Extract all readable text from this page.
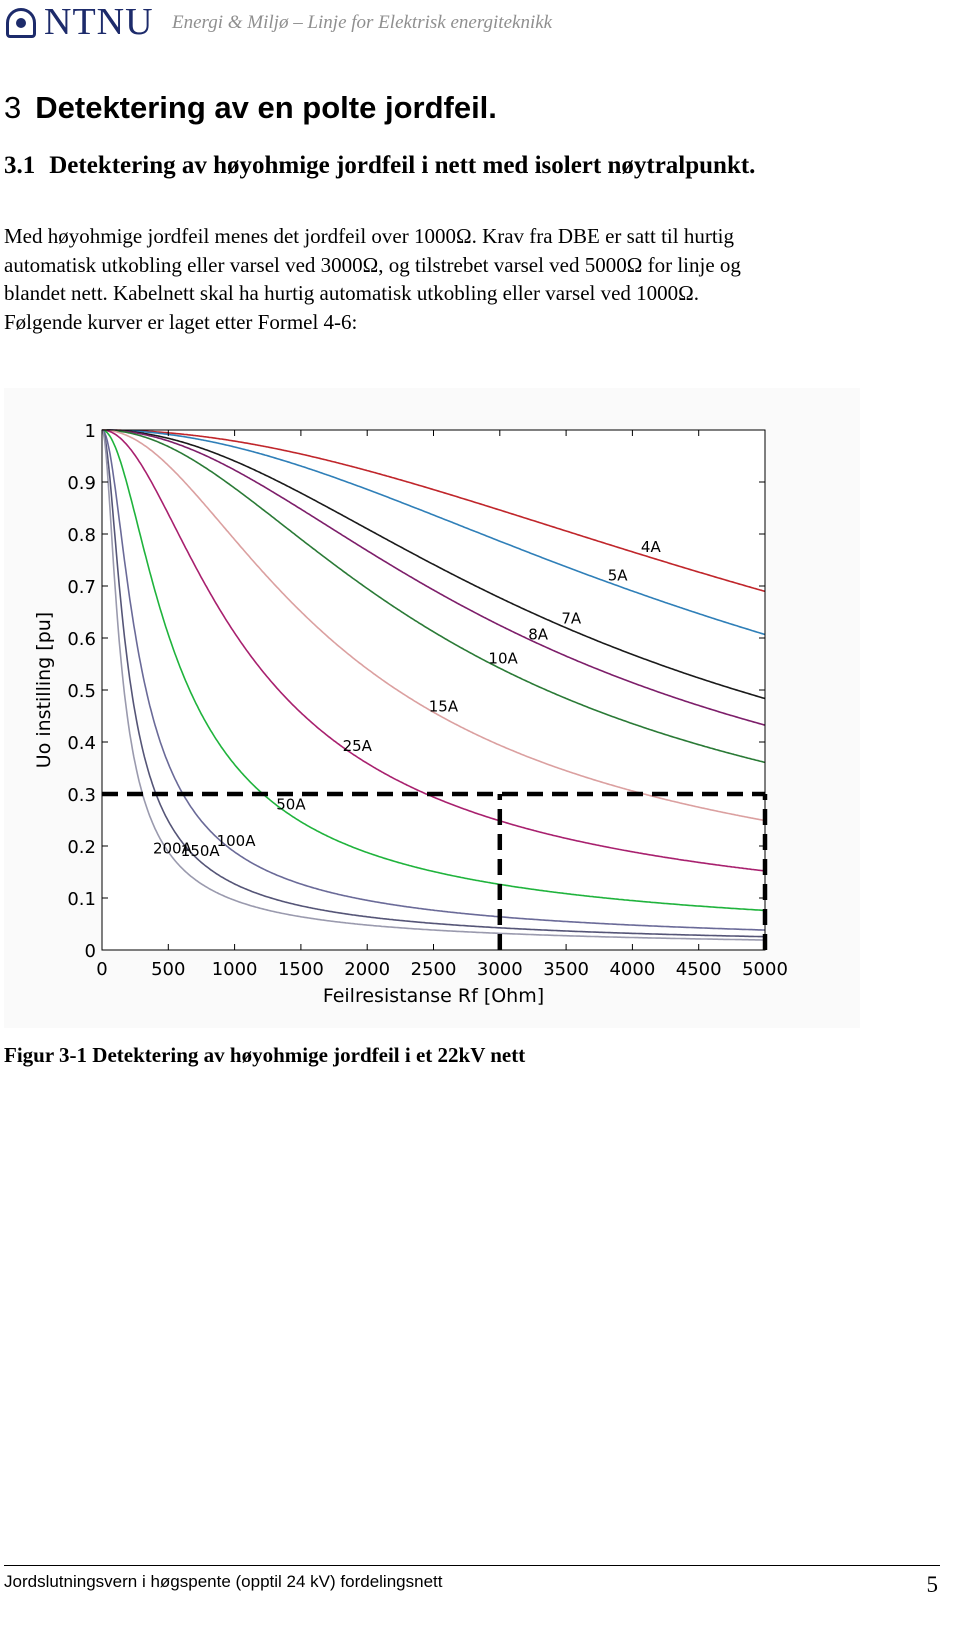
NTNU Energi & Miljø – Linje for Elektrisk energiteknikk
3 Detektering av en polte jordfeil.
3.1 Detektering av høyohmige jordfeil i nett med isolert nøytralpunkt.

Med høyohmige jordfeil menes det jordfeil over 1000Ω. Krav fra DBE er satt til hurtig

automatisk utkobling eller varsel ved 3000Ω, og tilstrebet varsel ved 5000Ω for linje og

blandet nett. Kabelnett skal ha hurtig automatisk utkobling eller varsel ved 1000Ω.

Følgende kurver er laget etter Formel 4-6:

0 500 1000 1500 2000 2500 3000 3500 4000 4500 5000
0
0.1
0.2
0.3
0.4
0.5
0.6
0.7
0.8
0.9
1
Feilresistanse Rf [Ohm]
Uo instilling [pu]
4A
5A
7A
8A
10A
15A
25A
50A
100A
150A
200A
Figur 3-1 Detektering av høyohmige jordfeil i et 22kV nett
Jordslutningsvern i høgspente (opptil 24 kV) fordelingsnett	5
